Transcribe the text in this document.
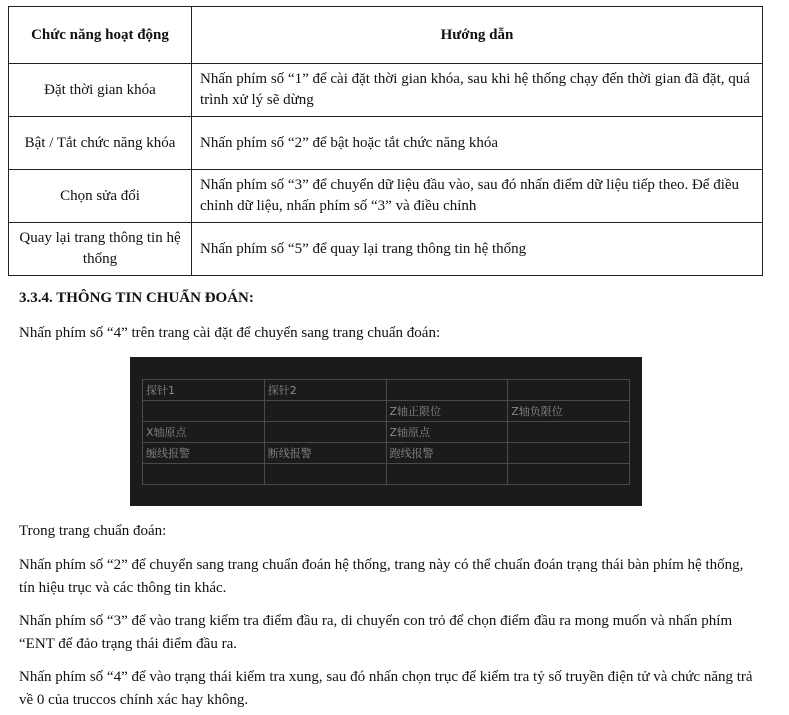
Chức năng hoạt động	Hướng dẫn
Đặt thời gian khóa	Nhấn phím số “1” để cài đặt thời gian khóa, sau khi hệ thống chạy đến thời gian đã đặt, quá trình xử lý sẽ dừng
Bật / Tắt chức năng khóa	Nhấn phím số “2” để bật hoặc tắt chức năng khóa
Chọn sửa đổi	Nhấn phím số “3” để chuyển dữ liệu đầu vào, sau đó nhấn điểm dữ liệu tiếp theo. Để điều chỉnh dữ liệu, nhấn phím số “3” và điều chỉnh
Quay lại trang thông tin hệ thống	Nhấn phím số “5” để quay lại trang thông tin hệ thống

3.3.4. THÔNG TIN CHUẨN ĐOÁN:

Nhấn phím số “4” trên trang cài đặt để chuyển sang trang chuẩn đoán:

探针1	探针2		
		Z轴正限位	Z轴负限位
X轴原点		Z轴原点	
缠线报警	断线报警	跑线报警	

Trong trang chuẩn đoán:

Nhấn phím số “2” để chuyển sang trang chuẩn đoán hệ thống, trang này có thể chuẩn đoán trạng thái bàn phím hệ thống, tín hiệu trục và các thông tin khác.

Nhấn phím số “3” để vào trang kiểm tra điểm đầu ra, di chuyển con trỏ để chọn điểm đầu ra mong muốn và nhấn phím “ENT để đảo trạng thái điểm đầu ra.

Nhấn phím số “4” để vào trạng thái kiểm tra xung, sau đó nhấn chọn trục để kiểm tra tỷ số truyền điện tử và chức năng trả về 0 của truccos chính xác hay không.
